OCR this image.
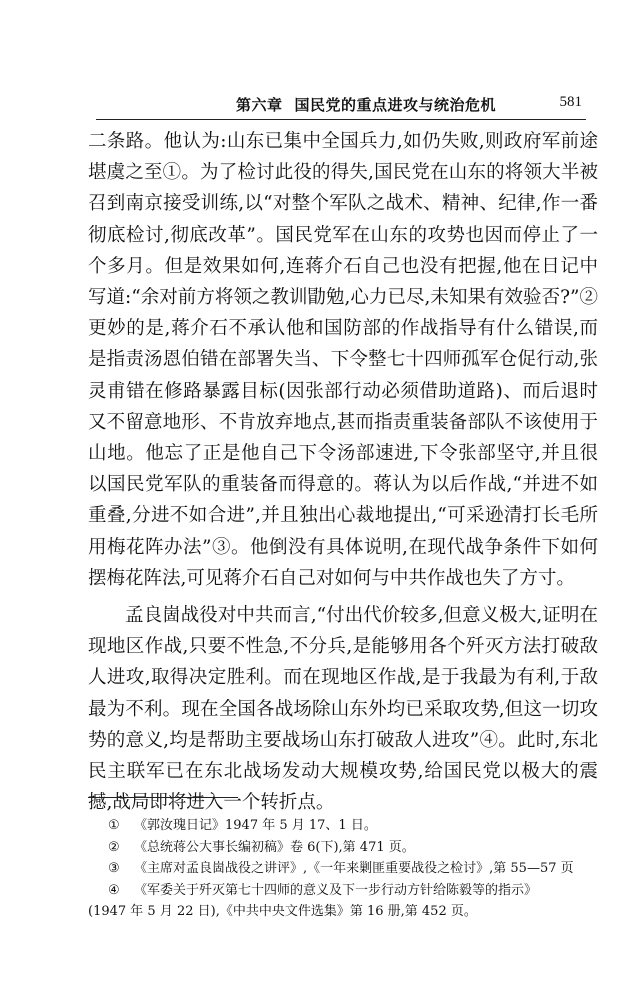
第六章 国民党的重点进攻与统治危机	581

二条路。他认为:山东已集中全国兵力,如仍失败,则政府军前途堪虞之至①。为了检讨此役的得失,国民党在山东的将领大半被召到南京接受训练,以“对整个军队之战术、精神、纪律,作一番彻底检讨,彻底改革”。国民党军在山东的攻势也因而停止了一个多月。但是效果如何,连蒋介石自己也没有把握,他在日记中写道:“余对前方将领之教训勖勉,心力已尽,未知果有效验否?”②更妙的是,蒋介石不承认他和国防部的作战指导有什么错误,而是指责汤恩伯错在部署失当、下令整七十四师孤军仓促行动,张灵甫错在修路暴露目标(因张部行动必须借助道路)、而后退时又不留意地形、不肯放弃地点,甚而指责重装备部队不该使用于山地。他忘了正是他自己下令汤部速进,下令张部坚守,并且很以国民党军队的重装备而得意的。蒋认为以后作战,“并进不如重叠,分进不如合进”,并且独出心裁地提出,“可采逊清打长毛所用梅花阵办法”③。他倒没有具体说明,在现代战争条件下如何摆梅花阵法,可见蒋介石自己对如何与中共作战也失了方寸。

孟良崮战役对中共而言,“付出代价较多,但意义极大,证明在现地区作战,只要不性急,不分兵,是能够用各个歼灭方法打破敌人进攻,取得决定胜利。而在现地区作战,是于我最为有利,于敌最为不利。现在全国各战场除山东外均已采取攻势,但这一切攻势的意义,均是帮助主要战场山东打破敌人进攻”④。此时,东北民主联军已在东北战场发动大规模攻势,给国民党以极大的震撼,战局即将进入一个转折点。

① 《郭汝瑰日记》1947 年 5 月 17、1 日。

② 《总统蒋公大事长编初稿》卷 6(下),第 471 页。

③ 《主席对孟良崮战役之讲评》,《一年来剿匪重要战役之检讨》,第 55—57 页

④ 《军委关于歼灭第七十四师的意义及下一步行动方针给陈毅等的指示》

(1947 年 5 月 22 日),《中共中央文件选集》第 16 册,第 452 页。
